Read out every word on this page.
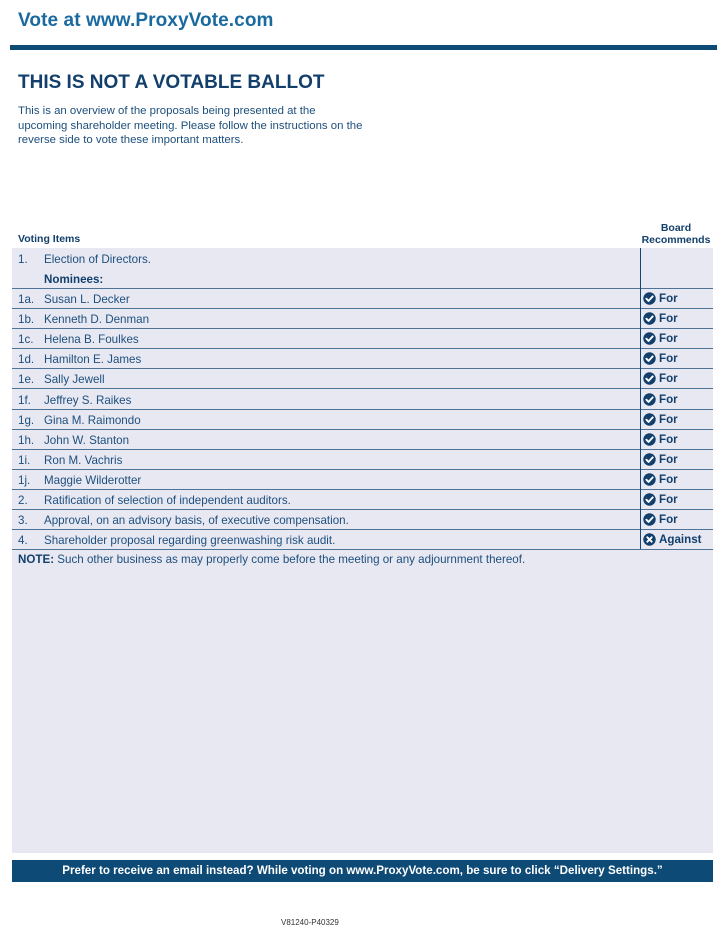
Vote at www.ProxyVote.com
THIS IS NOT A VOTABLE BALLOT
This is an overview of the proposals being presented at the upcoming shareholder meeting. Please follow the instructions on the reverse side to vote these important matters.
Voting Items
Board
Recommends
1. Election of Directors.
Nominees:
1a. Susan L. Decker	For
1b. Kenneth D. Denman	For
1c. Helena B. Foulkes	For
1d. Hamilton E. James	For
1e. Sally Jewell	For
1f. Jeffrey S. Raikes	For
1g. Gina M. Raimondo	For
1h. John W. Stanton	For
1i. Ron M. Vachris	For
1j. Maggie Wilderotter	For
2. Ratification of selection of independent auditors.	For
3. Approval, on an advisory basis, of executive compensation.	For
4. Shareholder proposal regarding greenwashing risk audit.	Against
NOTE: Such other business as may properly come before the meeting or any adjournment thereof.
Prefer to receive an email instead? While voting on www.ProxyVote.com, be sure to click “Delivery Settings.”
V81240-P40329
